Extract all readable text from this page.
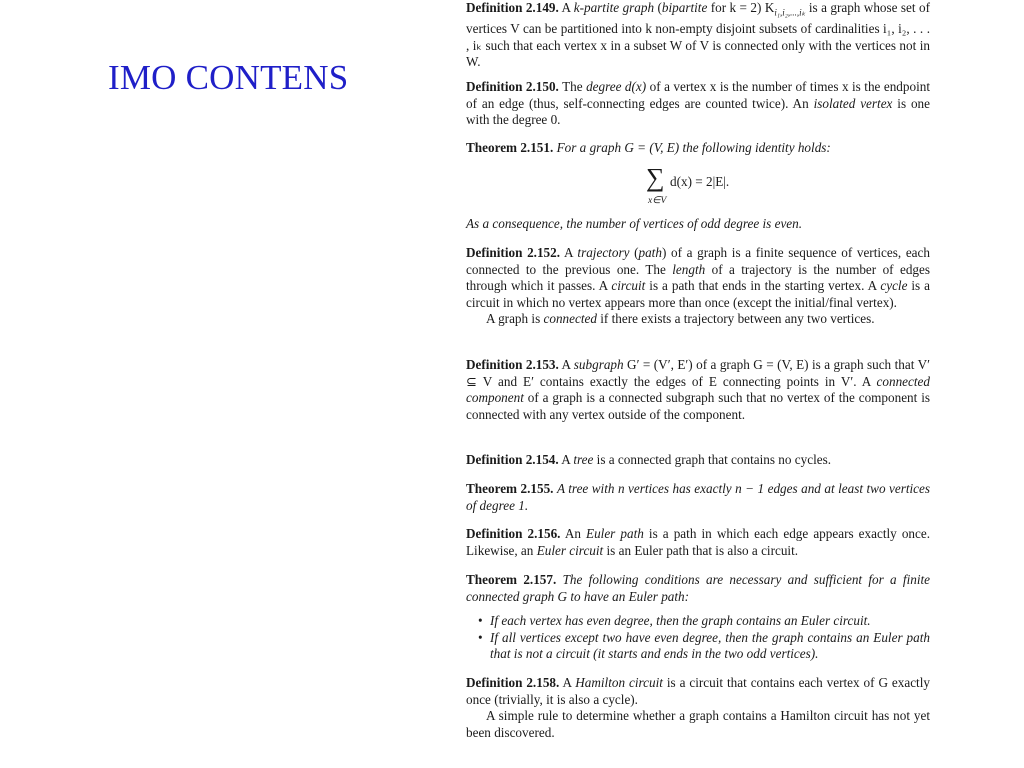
IMO CONTENS

Definition 2.149. A k-partite graph (bipartite for k = 2) $K_{i_1,i_2,...,i_k}$ is a graph whose set of vertices V can be partitioned into k non-empty disjoint subsets of cardinalities i₁, i₂, . . . , iₖ such that each vertex x in a subset W of V is connected only with the vertices not in W.

Definition 2.150. The degree d(x) of a vertex x is the number of times x is the endpoint of an edge (thus, self-connecting edges are counted twice). An isolated vertex is one with the degree 0.

Theorem 2.151. For a graph G = (V, E) the following identity holds:

∑
x∈V
d(x) = 2|E|.

As a consequence, the number of vertices of odd degree is even.

Definition 2.152. A trajectory (path) of a graph is a finite sequence of vertices, each connected to the previous one. The length of a trajectory is the number of edges through which it passes. A circuit is a path that ends in the starting vertex. A cycle is a circuit in which no vertex appears more than once (except the initial/final vertex).

A graph is connected if there exists a trajectory between any two vertices.

Definition 2.153. A subgraph G′ = (V′, E′) of a graph G = (V, E) is a graph such that V′ ⊆ V and E′ contains exactly the edges of E connecting points in V′. A connected component of a graph is a connected subgraph such that no vertex of the component is connected with any vertex outside of the component.

Definition 2.154. A tree is a connected graph that contains no cycles.

Theorem 2.155. A tree with n vertices has exactly n − 1 edges and at least two vertices of degree 1.

Definition 2.156. An Euler path is a path in which each edge appears exactly once. Likewise, an Euler circuit is an Euler path that is also a circuit.

Theorem 2.157. The following conditions are necessary and sufficient for a finite connected graph G to have an Euler path:

• If each vertex has even degree, then the graph contains an Euler circuit.
• If all vertices except two have even degree, then the graph contains an Euler path that is not a circuit (it starts and ends in the two odd vertices).

Definition 2.158. A Hamilton circuit is a circuit that contains each vertex of G exactly once (trivially, it is also a cycle).

A simple rule to determine whether a graph contains a Hamilton circuit has not yet been discovered.
